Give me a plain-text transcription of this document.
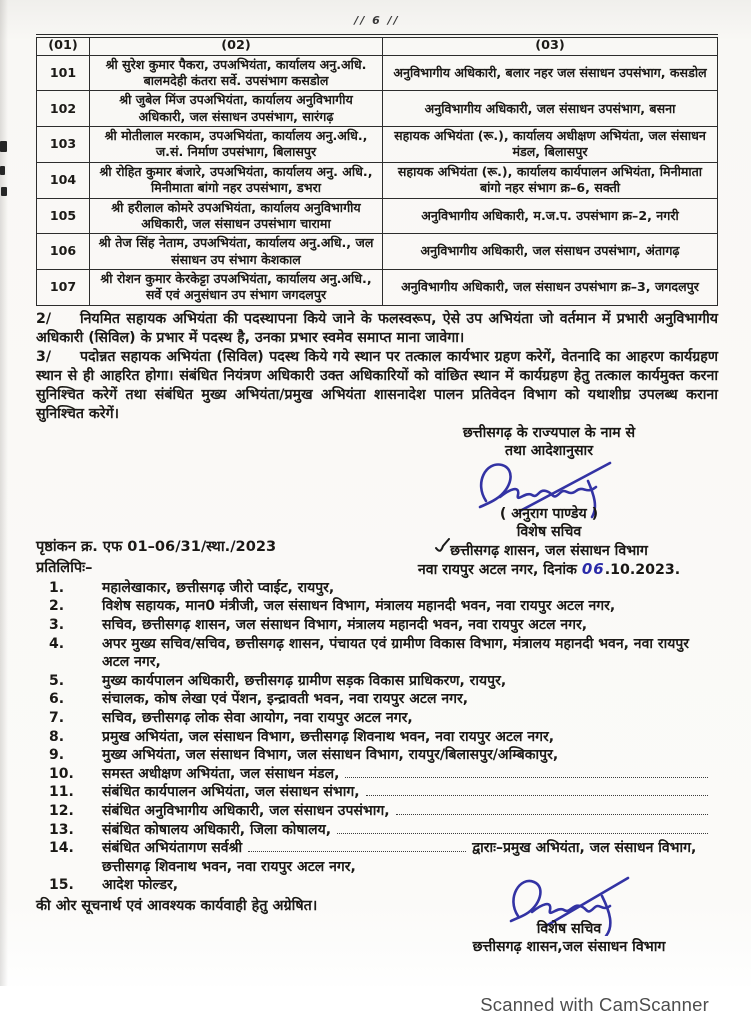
// 6 //
(01)	(02)	(03)
101	श्री सुरेश कुमार पैकरा, उपअभियंता, कार्यालय अनु.अधि. बालमदेही कंतरा सर्वे. उपसंभाग कसडोल	अनुविभागीय अधिकारी, बलार नहर जल संसाधन उपसंभाग, कसडोल
102	श्री जुबेल मिंज उपअभियंता, कार्यालय अनुविभागीय अधिकारी, जल संसाधन उपसंभाग, सारंगढ़	अनुविभागीय अधिकारी, जल संसाधन उपसंभाग, बसना
103	श्री मोतीलाल मरकाम, उपअभियंता, कार्यालय अनु.अधि., ज.सं. निर्माण उपसंभाग, बिलासपुर	सहायक अभियंता (रू.), कार्यालय अधीक्षण अभियंता, जल संसाधन मंडल, बिलासपुर
104	श्री रोहित कुमार बंजारे, उपअभियंता, कार्यालय अनु. अधि., मिनीमाता बांगो नहर उपसंभाग, डभरा	सहायक अभियंता (रू.), कार्यालय कार्यपालन अभियंता, मिनीमाता बांगो नहर संभाग क्र–6, सक्ती
105	श्री हरीलाल कोमरे उपअभियंता, कार्यालय अनुविभागीय अधिकारी, जल संसाधन उपसंभाग चारामा	अनुविभागीय अधिकारी, म.ज.प. उपसंभाग क्र–2, नगरी
106	श्री तेज सिंह नेताम, उपअभियंता, कार्यालय अनु.अधि., जल संसाधन उप संभाग केशकाल	अनुविभागीय अधिकारी, जल संसाधन उपसंभाग, अंतागढ़
107	श्री रोशन कुमार केरकेट्टा उपअभियंता, कार्यालय अनु.अधि., सर्वे एवं अनुसंधान उप संभाग जगदलपुर	अनुविभागीय अधिकारी, जल संसाधन उपसंभाग क्र–3, जगदलपुर
2/ नियमित सहायक अभियंता की पदस्थापना किये जाने के फलस्वरूप, ऐसे उप अभियंता जो वर्तमान में प्रभारी अनुविभागीय अधिकारी (सिविल) के प्रभार में पदस्थ है, उनका प्रभार स्वमेव समाप्त माना जावेगा।
3/ पदोन्नत सहायक अभियंता (सिविल) पदस्थ किये गये स्थान पर तत्काल कार्यभार ग्रहण करेगें, वेतनादि का आहरण कार्यग्रहण स्थान से ही आहरित होगा। संबंधित नियंत्रण अधिकारी उक्त अधिकारियों को वांछित स्थान में कार्यग्रहण हेतु तत्काल कार्यमुक्त करना सुनिश्चित करेगें तथा संबंधित मुख्य अभियंता/प्रमुख अभियंता शासनादेश पालन प्रतिवेदन विभाग को यथाशीघ्र उपलब्ध कराना सुनिश्चित करेगें।
पृष्ठांकन क्र. एफ 01–06/31/स्था./2023
प्रतिलिपिः–
1.	महालेखाकार, छत्तीसगढ़ जीरो प्वाईट, रायपुर,
2.	विशेष सहायक, मान0 मंत्रीजी, जल संसाधन विभाग, मंत्रालय महानदी भवन, नवा रायपुर अटल नगर,
3.	सचिव, छत्तीसगढ़ शासन, जल संसाधन विभाग, मंत्रालय महानदी भवन, नवा रायपुर अटल नगर,
4.	अपर मुख्य सचिव/सचिव, छत्तीसगढ़ शासन, पंचायत एवं ग्रामीण विकास विभाग, मंत्रालय महानदी भवन, नवा रायपुर अटल नगर,
5.	मुख्य कार्यपालन अधिकारी, छत्तीसगढ़ ग्रामीण सड़क विकास प्राधिकरण, रायपुर,
6.	संचालक, कोष लेखा एवं पेंशन, इन्द्रावती भवन, नवा रायपुर अटल नगर,
7.	सचिव, छत्तीसगढ़ लोक सेवा आयोग, नवा रायपुर अटल नगर,
8.	प्रमुख अभियंता, जल संसाधन विभाग, छत्तीसगढ़ शिवनाथ भवन, नवा रायपुर अटल नगर,
9.	मुख्य अभियंता, जल संसाधन विभाग, जल संसाधन विभाग, रायपुर/बिलासपुर/अम्बिकापुर,
10.	समस्त अधीक्षण अभियंता, जल संसाधन मंडल,
11.	संबंधित कार्यपालन अभियंता, जल संसाधन संभाग,
12.	संबंधित अनुविभागीय अधिकारी, जल संसाधन उपसंभाग,
13.	संबंधित कोषालय अधिकारी, जिला कोषालय,
14.	संबंधित अभियंतागण सर्वश्री	द्वाराः–प्रमुख अभियंता, जल संसाधन विभाग, छत्तीसगढ़ शिवनाथ भवन, नवा रायपुर अटल नगर,
15.	आदेश फोल्डर,
की ओर सूचनार्थ एवं आवश्यक कार्यवाही हेतु अग्रेषित।
छत्तीसगढ़ के राज्यपाल के नाम से
तथा आदेशानुसार
( अनुराग पाण्डेय )
विशेष सचिव
छत्तीसगढ़ शासन, जल संसाधन विभाग
नवा रायपुर अटल नगर, दिनांक 06.10.2023.
विशेष सचिव
छत्तीसगढ़ शासन,जल संसाधन विभाग
Scanned with CamScanner
